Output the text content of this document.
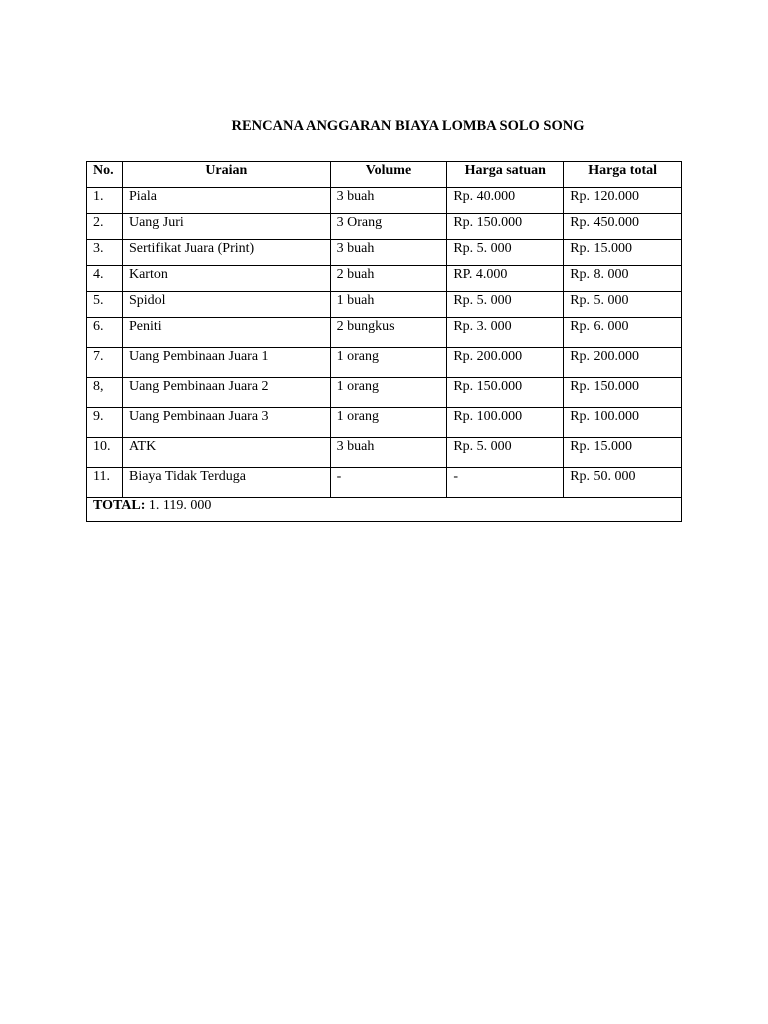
RENCANA ANGGARAN BIAYA LOMBA SOLO SONG
No.	Uraian	Volume	Harga satuan	Harga total
1.	Piala	3 buah	Rp. 40.000	Rp. 120.000
2.	Uang Juri	3 Orang	Rp. 150.000	Rp. 450.000
3.	Sertifikat Juara (Print)	3 buah	Rp. 5. 000	Rp. 15.000
4.	Karton	2 buah	RP. 4.000	Rp. 8. 000
5.	Spidol	1 buah	Rp. 5. 000	Rp. 5. 000
6.	Peniti	2 bungkus	Rp. 3. 000	Rp. 6. 000
7.	Uang Pembinaan Juara 1	1 orang	Rp. 200.000	Rp. 200.000
8,	Uang Pembinaan Juara 2	1 orang	Rp. 150.000	Rp. 150.000
9.	Uang Pembinaan Juara 3	1 orang	Rp. 100.000	Rp. 100.000
10.	ATK	3 buah	Rp. 5. 000	Rp. 15.000
11.	Biaya Tidak Terduga	-	-	Rp. 50. 000
TOTAL: 1. 119. 000				
